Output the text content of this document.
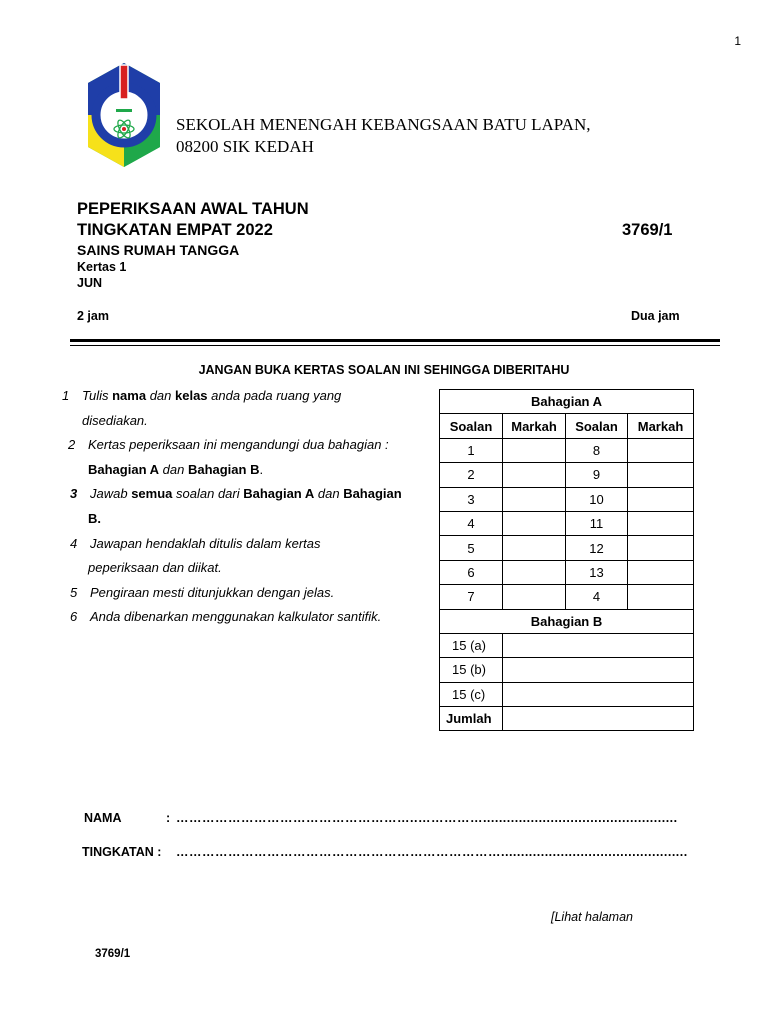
1
SEKOLAH MENENGAH KEBANGSAAN BATU LAPAN,
08200 SIK KEDAH
PEPERIKSAAN AWAL TAHUN
TINGKATAN EMPAT 2022	3769/1
SAINS RUMAH TANGGA
Kertas 1
JUN
2 jam	Dua jam
JANGAN BUKA KERTAS SOALAN INI SEHINGGA DIBERITAHU
1 Tulis nama dan kelas anda pada ruang yang
disediakan.
2 Kertas peperiksaan ini mengandungi dua bahagian :
Bahagian A dan Bahagian B.
3 Jawab semua soalan dari Bahagian A dan Bahagian
B.
4 Jawapan hendaklah ditulis dalam kertas
peperiksaan dan diikat.
5 Pengiraan mesti ditunjukkan dengan jelas.
6 Anda dibenarkan menggunakan kalkulator santifik.
Bahagian A			
Soalan	Markah	Soalan	Markah
1		8	
2		9	
3		10	
4		11	
5		12	
6		13	
7		4	
Bahagian B			
15 (a)			
15 (b)			
15 (c)			
Jumlah			
NAMA	: ………………………………………………..…………….................................................
TINGKATAN : …………………………………………………………………...............................................
[Lihat halaman
3769/1
